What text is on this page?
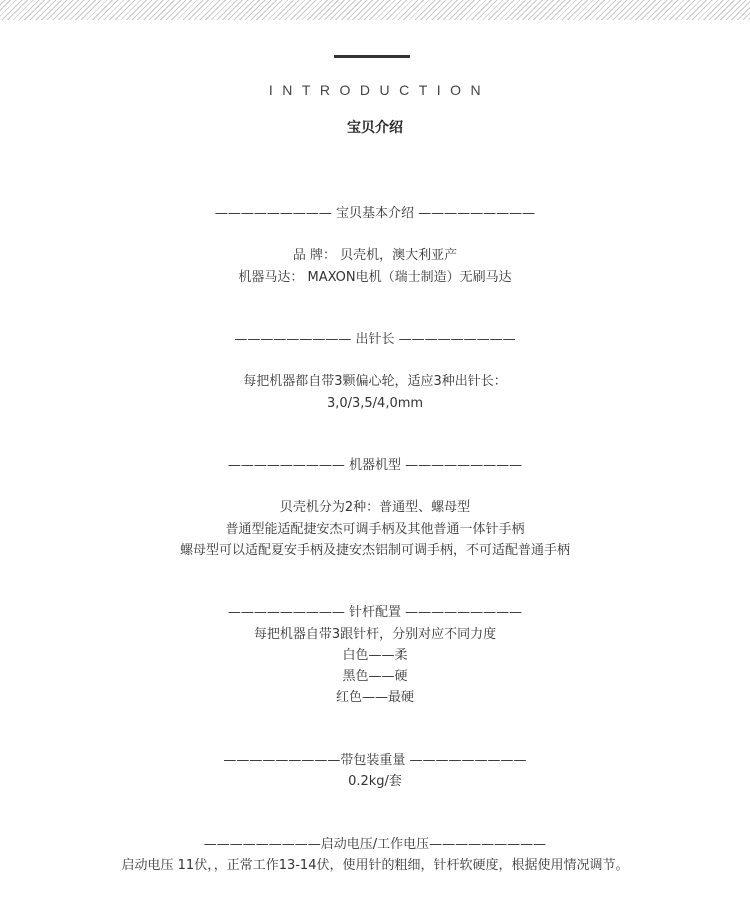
INTRODUCTION
宝贝介绍
————————— 宝贝基本介绍 —————————
品 牌： 贝壳机，澳大利亚产
机器马达： MAXON电机（瑞士制造）无刷马达
————————— 出针长 —————————
每把机器都自带3颗偏心轮，适应3种出针长：
3,0/3,5/4,0mm
————————— 机器机型 —————————
贝壳机分为2种：普通型、螺母型
普通型能适配捷安杰可调手柄及其他普通一体针手柄
螺母型可以适配夏安手柄及捷安杰铝制可调手柄，不可适配普通手柄
————————— 针杆配置 —————————
每把机器自带3跟针杆，分别对应不同力度
白色——柔
黑色——硬
红色——最硬
—————————带包装重量 —————————
0.2kg/套
—————————启动电压/工作电压—————————
启动电压 11伏，，正常工作13-14伏，使用针的粗细，针杆软硬度，根据使用情况调节。
